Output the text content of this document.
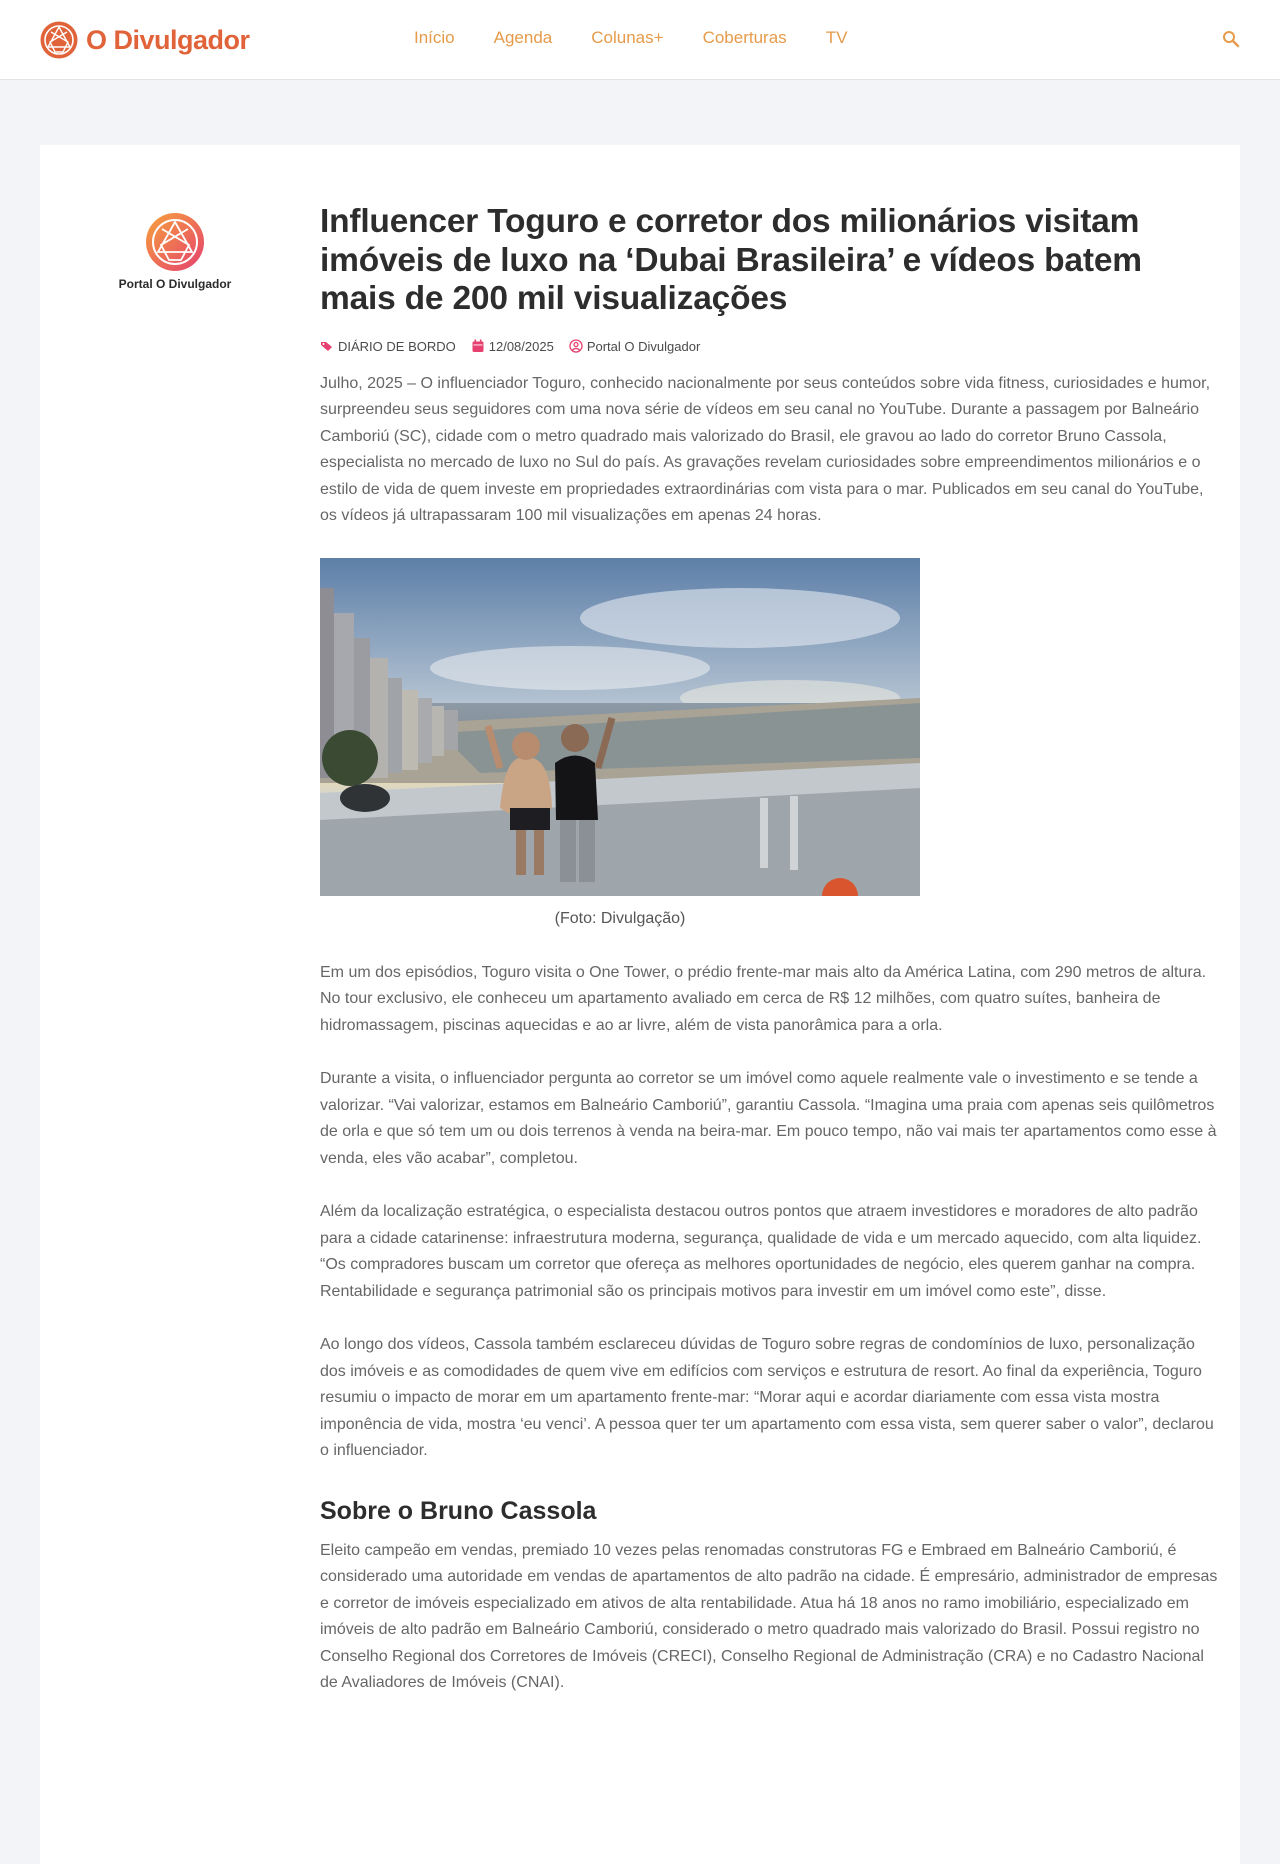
O Divulgador	Início Agenda Colunas+ Coberturas TV
Portal O Divulgador
Influencer Toguro e corretor dos milionários visitam imóveis de luxo na ‘Dubai Brasileira’ e vídeos batem mais de 200 mil visualizações
DIÁRIO DE BORDO	12/08/2025	Portal O Divulgador

Julho, 2025 – O influenciador Toguro, conhecido nacionalmente por seus conteúdos sobre vida fitness, curiosidades e humor, surpreendeu seus seguidores com uma nova série de vídeos em seu canal no YouTube. Durante a passagem por Balneário Camboriú (SC), cidade com o metro quadrado mais valorizado do Brasil, ele gravou ao lado do corretor Bruno Cassola, especialista no mercado de luxo no Sul do país. As gravações revelam curiosidades sobre empreendimentos milionários e o estilo de vida de quem investe em propriedades extraordinárias com vista para o mar. Publicados em seu canal do YouTube, os vídeos já ultrapassaram 100 mil visualizações em apenas 24 horas.

(Foto: Divulgação)

Em um dos episódios, Toguro visita o One Tower, o prédio frente-mar mais alto da América Latina, com 290 metros de altura. No tour exclusivo, ele conheceu um apartamento avaliado em cerca de R$ 12 milhões, com quatro suítes, banheira de hidromassagem, piscinas aquecidas e ao ar livre, além de vista panorâmica para a orla.

Durante a visita, o influenciador pergunta ao corretor se um imóvel como aquele realmente vale o investimento e se tende a valorizar. “Vai valorizar, estamos em Balneário Camboriú”, garantiu Cassola. “Imagina uma praia com apenas seis quilômetros de orla e que só tem um ou dois terrenos à venda na beira-mar. Em pouco tempo, não vai mais ter apartamentos como esse à venda, eles vão acabar”, completou.

Além da localização estratégica, o especialista destacou outros pontos que atraem investidores e moradores de alto padrão para a cidade catarinense: infraestrutura moderna, segurança, qualidade de vida e um mercado aquecido, com alta liquidez. “Os compradores buscam um corretor que ofereça as melhores oportunidades de negócio, eles querem ganhar na compra. Rentabilidade e segurança patrimonial são os principais motivos para investir em um imóvel como este”, disse.

Ao longo dos vídeos, Cassola também esclareceu dúvidas de Toguro sobre regras de condomínios de luxo, personalização dos imóveis e as comodidades de quem vive em edifícios com serviços e estrutura de resort. Ao final da experiência, Toguro resumiu o impacto de morar em um apartamento frente-mar: “Morar aqui e acordar diariamente com essa vista mostra imponência de vida, mostra ‘eu venci’. A pessoa quer ter um apartamento com essa vista, sem querer saber o valor”, declarou o influenciador.

Sobre o Bruno Cassola

Eleito campeão em vendas, premiado 10 vezes pelas renomadas construtoras FG e Embraed em Balneário Camboriú, é considerado uma autoridade em vendas de apartamentos de alto padrão na cidade. É empresário, administrador de empresas e corretor de imóveis especializado em ativos de alta rentabilidade. Atua há 18 anos no ramo imobiliário, especializado em imóveis de alto padrão em Balneário Camboriú, considerado o metro quadrado mais valorizado do Brasil. Possui registro no Conselho Regional dos Corretores de Imóveis (CRECI), Conselho Regional de Administração (CRA) e no Cadastro Nacional de Avaliadores de Imóveis (CNAI).
